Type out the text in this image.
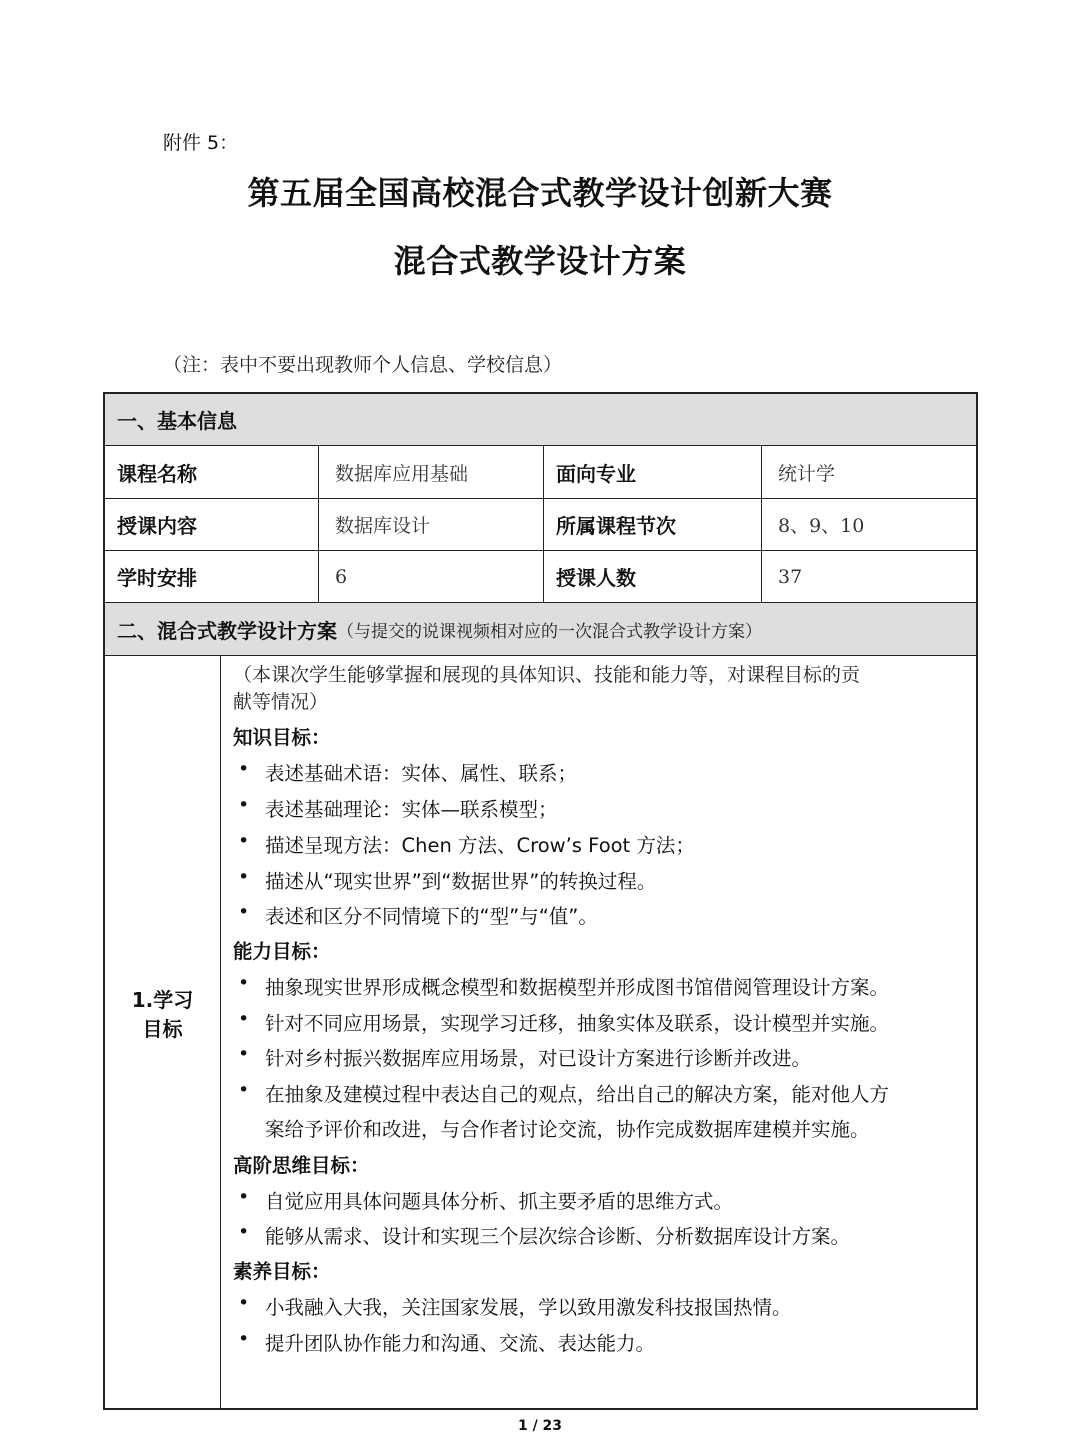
附件 5：
第五届全国高校混合式教学设计创新大赛
混合式教学设计方案
（注：表中不要出现教师个人信息、学校信息）
一、基本信息
课程名称	数据库应用基础	面向专业	统计学
授课内容	数据库设计	所属课程节次	8、9、10
学时安排	6	授课人数	37
二、混合式教学设计方案 （与提交的说课视频相对应的一次混合式教学设计方案）
1.学习
目标
（本课次学生能够掌握和展现的具体知识、技能和能力等，对课程目标的贡
献等情况）
知识目标：
• 表述基础术语：实体、属性、联系；
• 表述基础理论：实体—联系模型；
• 描述呈现方法：Chen 方法、Crow’s Foot 方法；
• 描述从“现实世界”到“数据世界”的转换过程。
• 表述和区分不同情境下的“型”与“值”。
能力目标：
• 抽象现实世界形成概念模型和数据模型并形成图书馆借阅管理设计方案。
• 针对不同应用场景，实现学习迁移，抽象实体及联系，设计模型并实施。
• 针对乡村振兴数据库应用场景，对已设计方案进行诊断并改进。
• 在抽象及建模过程中表达自己的观点，给出自己的解决方案，能对他人方
案给予评价和改进，与合作者讨论交流，协作完成数据库建模并实施。
高阶思维目标：
• 自觉应用具体问题具体分析、抓主要矛盾的思维方式。
• 能够从需求、设计和实现三个层次综合诊断、分析数据库设计方案。
素养目标：
• 小我融入大我，关注国家发展，学以致用激发科技报国热情。
• 提升团队协作能力和沟通、交流、表达能力。
1 / 23
